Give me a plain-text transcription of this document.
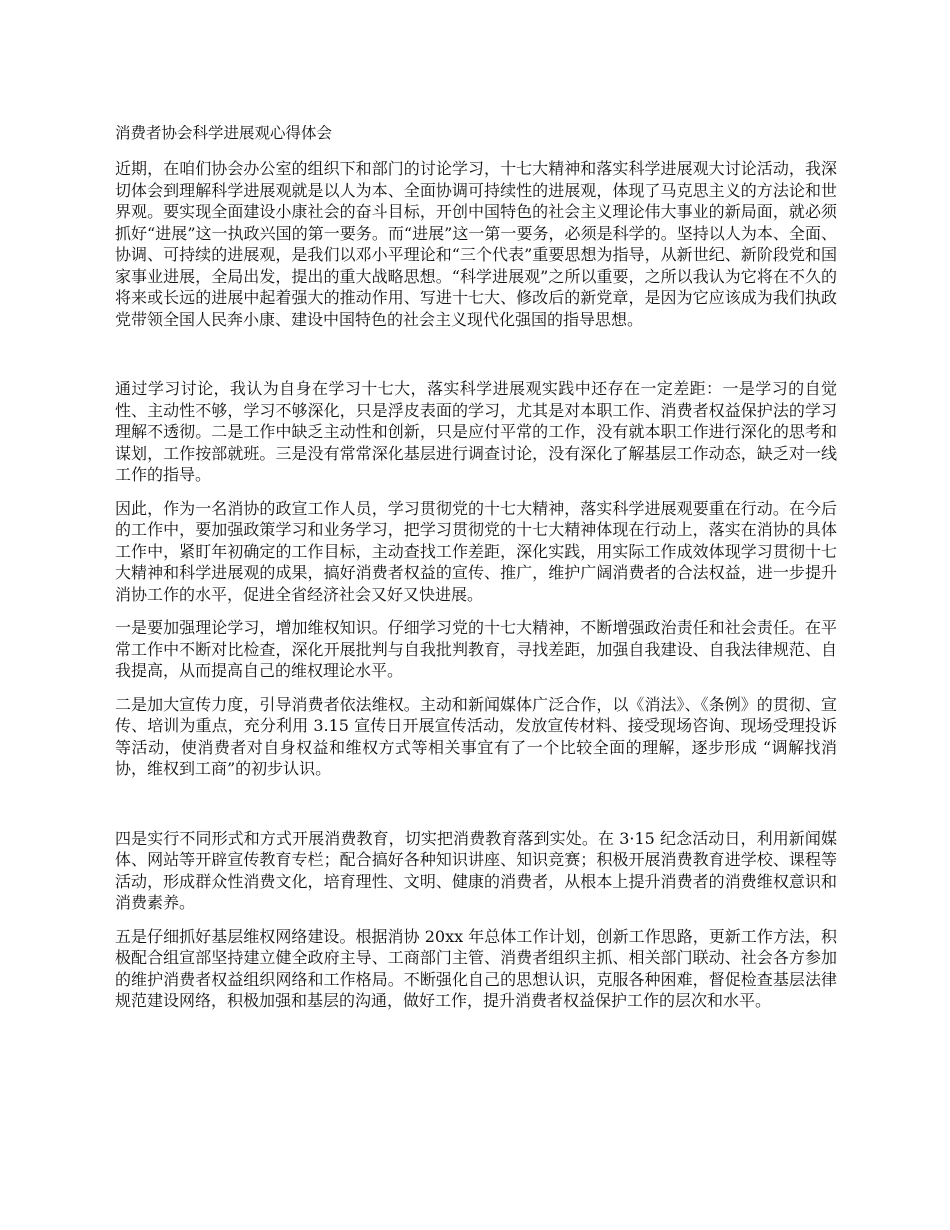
消费者协会科学进展观心得体会

近期，在咱们协会办公室的组织下和部门的讨论学习，十七大精神和落实科学进展观大讨论活动，我深切体会到理解科学进展观就是以人为本、全面协调可持续性的进展观，体现了马克思主义的方法论和世界观。要实现全面建设小康社会的奋斗目标，开创中国特色的社会主义理论伟大事业的新局面，就必须抓好“进展”这一执政兴国的第一要务。而“进展”这一第一要务，必须是科学的。坚持以人为本、全面、协调、可持续的进展观，是我们以邓小平理论和“三个代表”重要思想为指导，从新世纪、新阶段党和国家事业进展，全局出发，提出的重大战略思想。“科学进展观”之所以重要，之所以我认为它将在不久的将来或长远的进展中起着强大的推动作用、写进十七大、修改后的新党章，是因为它应该成为我们执政党带领全国人民奔小康、建设中国特色的社会主义现代化强国的指导思想。

通过学习讨论，我认为自身在学习十七大，落实科学进展观实践中还存在一定差距：一是学习的自觉性、主动性不够，学习不够深化，只是浮皮表面的学习，尤其是对本职工作、消费者权益保护法的学习理解不透彻。二是工作中缺乏主动性和创新，只是应付平常的工作，没有就本职工作进行深化的思考和谋划，工作按部就班。三是没有常常深化基层进行调查讨论，没有深化了解基层工作动态，缺乏对一线工作的指导。

因此，作为一名消协的政宣工作人员，学习贯彻党的十七大精神，落实科学进展观要重在行动。在今后的工作中，要加强政策学习和业务学习，把学习贯彻党的十七大精神体现在行动上，落实在消协的具体工作中，紧盯年初确定的工作目标，主动查找工作差距，深化实践，用实际工作成效体现学习贯彻十七大精神和科学进展观的成果，搞好消费者权益的宣传、推广，维护广阔消费者的合法权益，进一步提升消协工作的水平，促进全省经济社会又好又快进展。

一是要加强理论学习，增加维权知识。仔细学习党的十七大精神，不断增强政治责任和社会责任。在平常工作中不断对比检查，深化开展批判与自我批判教育，寻找差距，加强自我建设、自我法律规范、自我提高，从而提高自己的维权理论水平。

二是加大宣传力度，引导消费者依法维权。主动和新闻媒体广泛合作，以《消法》、《条例》的贯彻、宣传、培训为重点，充分利用 3.15 宣传日开展宣传活动，发放宣传材料、接受现场咨询、现场受理投诉等活动，使消费者对自身权益和维权方式等相关事宜有了一个比较全面的理解，逐步形成 “调解找消协，维权到工商”的初步认识。

四是实行不同形式和方式开展消费教育，切实把消费教育落到实处。在 3·15 纪念活动日，利用新闻媒体、网站等开辟宣传教育专栏；配合搞好各种知识讲座、知识竞赛；积极开展消费教育进学校、课程等活动，形成群众性消费文化，培育理性、文明、健康的消费者，从根本上提升消费者的消费维权意识和消费素养。

五是仔细抓好基层维权网络建设。根据消协 20xx 年总体工作计划，创新工作思路，更新工作方法，积极配合组宣部坚持建立健全政府主导、工商部门主管、消费者组织主抓、相关部门联动、社会各方参加的维护消费者权益组织网络和工作格局。不断强化自己的思想认识，克服各种困难，督促检查基层法律规范建设网络，积极加强和基层的沟通，做好工作，提升消费者权益保护工作的层次和水平。
